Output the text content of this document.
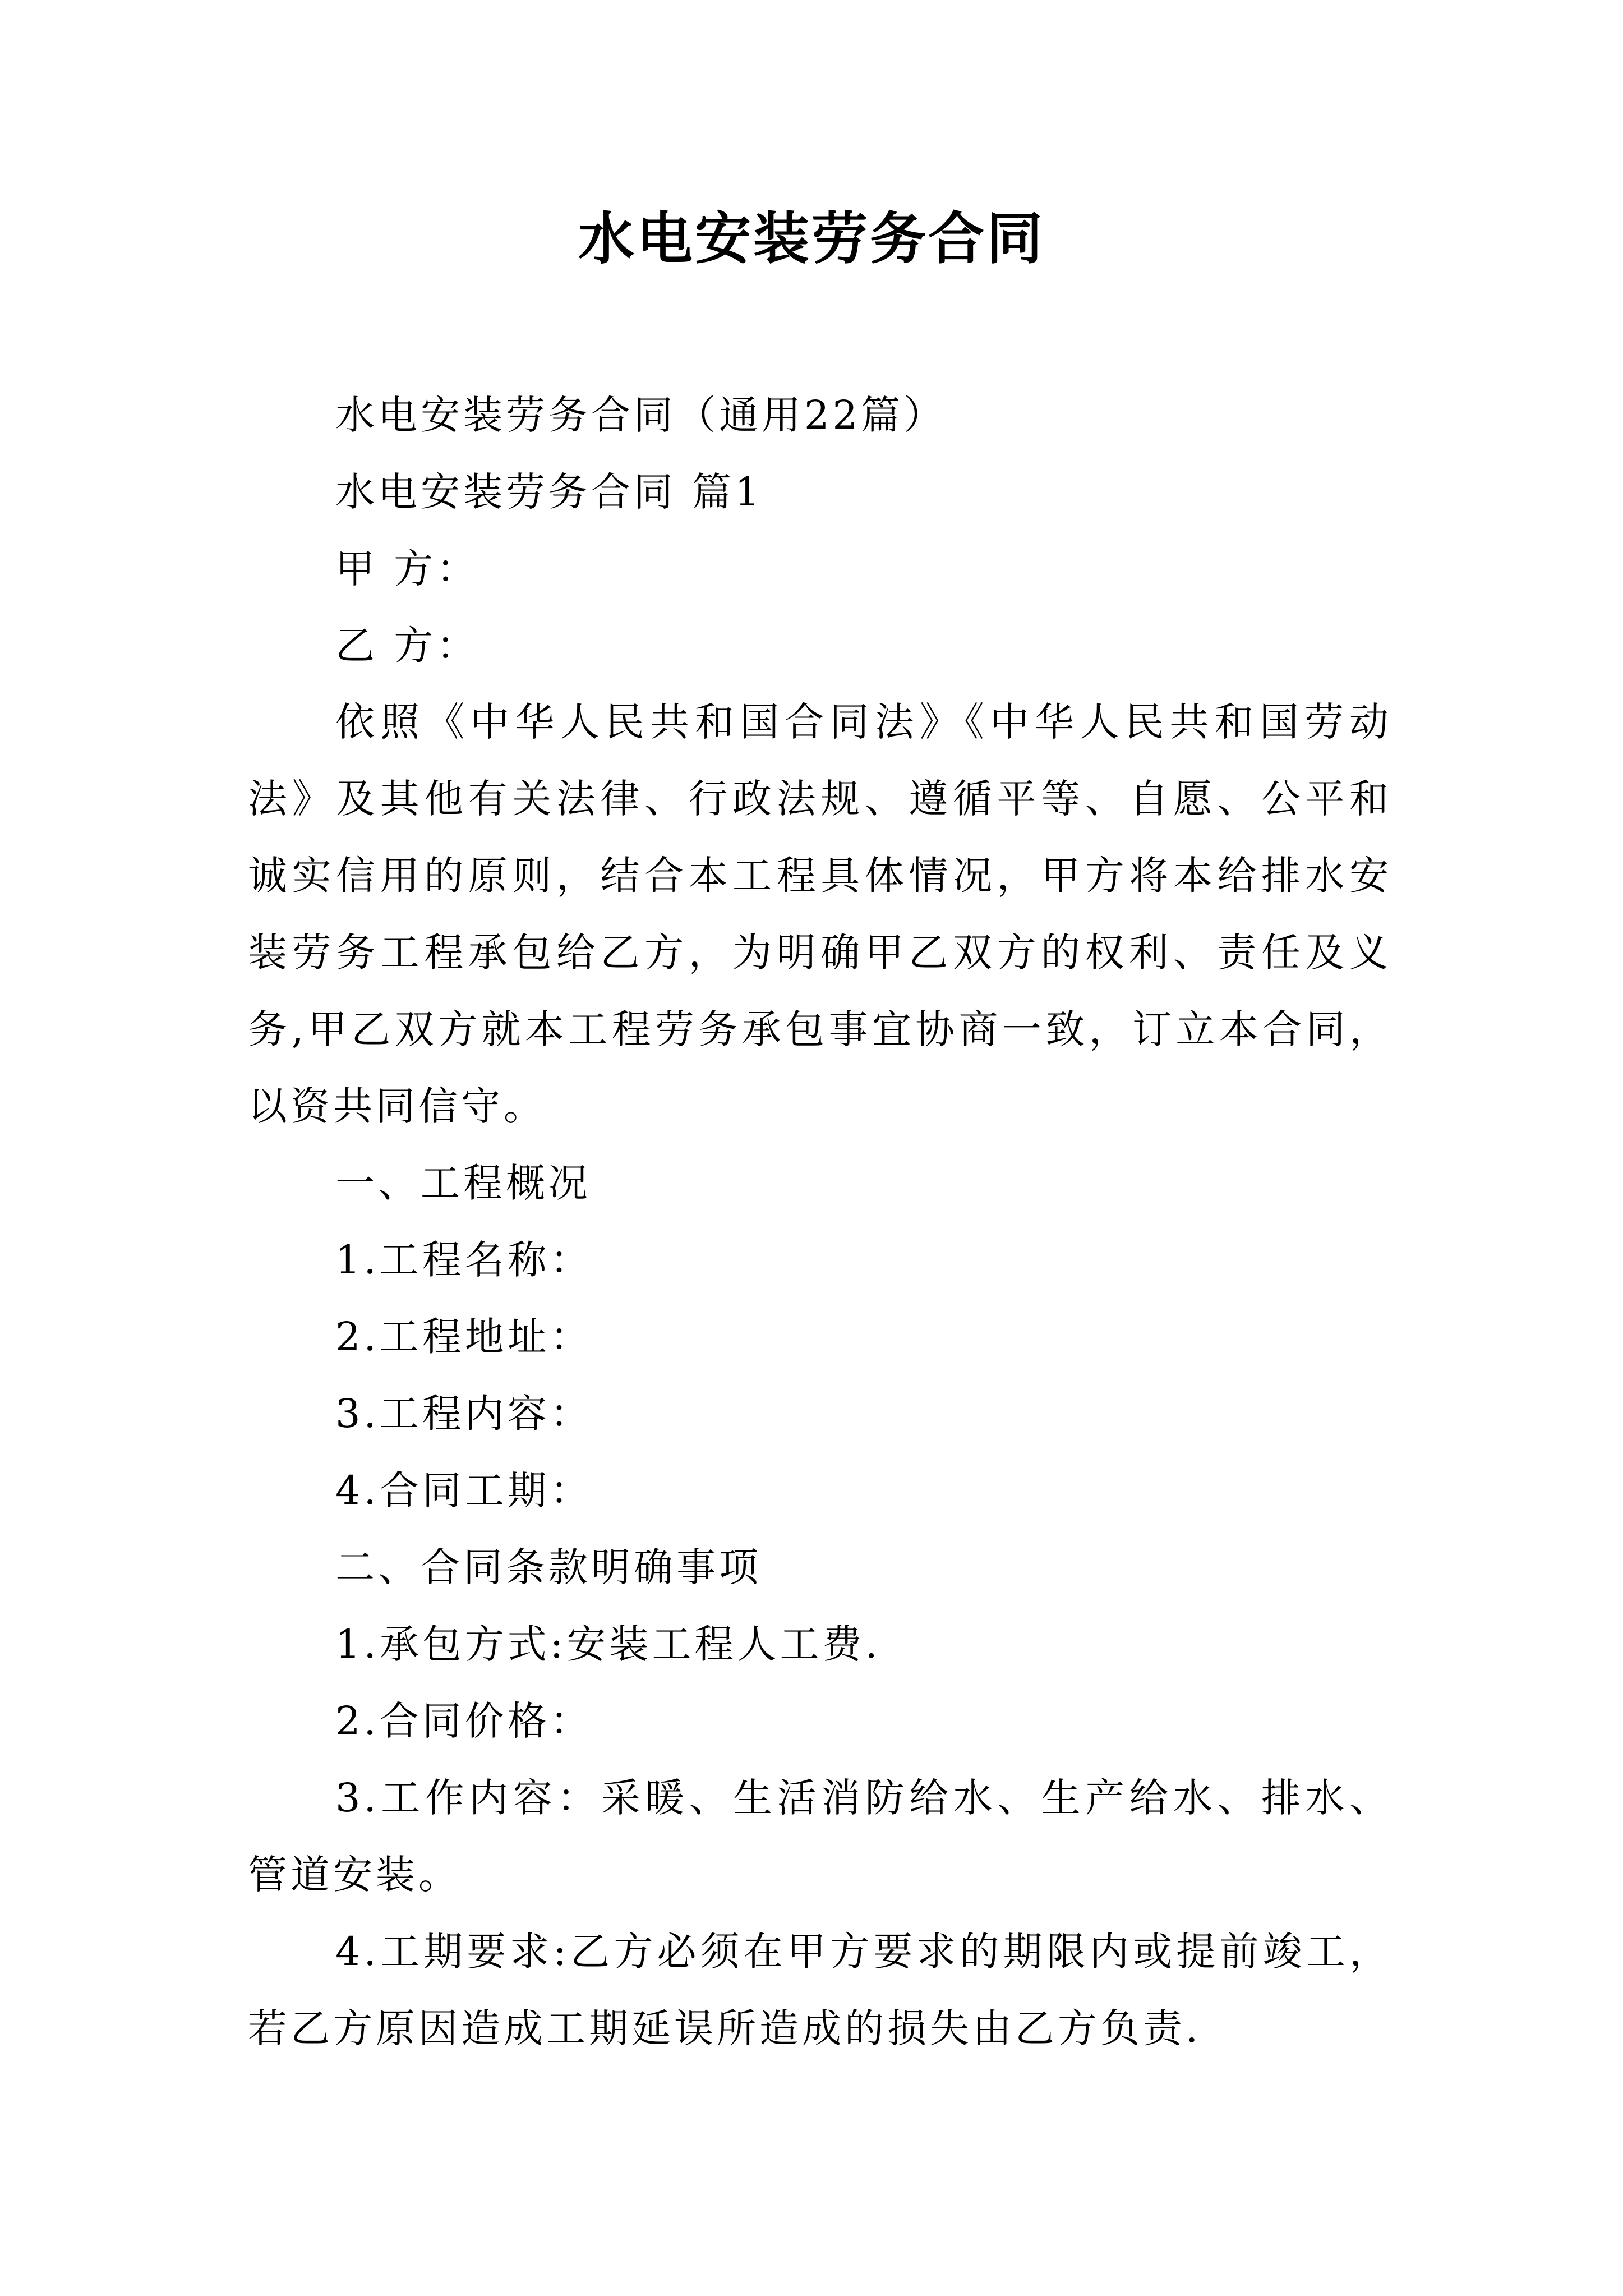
水电安装劳务合同
水电安装劳务合同（通用22篇）
水电安装劳务合同 篇1
甲 方：
乙 方：
依照《中华人民共和国合同法》《中华人民共和国劳动法》及其他有关法律、行政法规、遵循平等、自愿、公平和诚实信用的原则，结合本工程具体情况，甲方将本给排水安装劳务工程承包给乙方，为明确甲乙双方的权利、责任及义务,甲乙双方就本工程劳务承包事宜协商一致，订立本合同，以资共同信守。
一、工程概况
1.工程名称：
2.工程地址：
3.工程内容：
4.合同工期：
二、合同条款明确事项
1.承包方式:安装工程人工费.
2.合同价格：
3.工作内容：采暖、生活消防给水、生产给水、排水、管道安装。
4.工期要求:乙方必须在甲方要求的期限内或提前竣工，若乙方原因造成工期延误所造成的损失由乙方负责.
